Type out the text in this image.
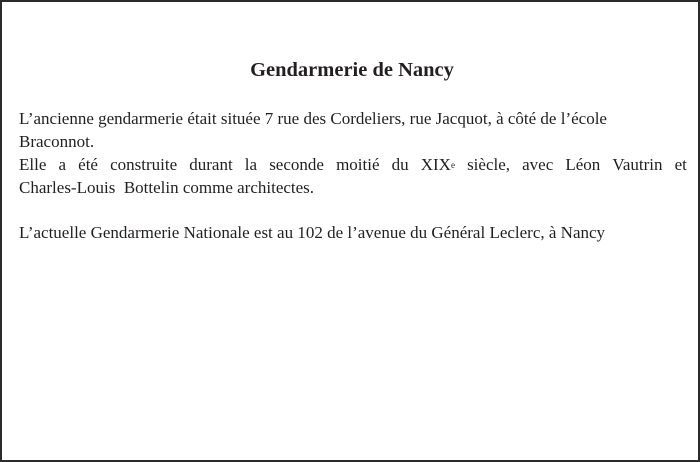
Gendarmerie de Nancy

L’ancienne gendarmerie était située 7 rue des Cordeliers, rue Jacquot, à côté de l’école
Braconnot.

Elle a été construite durant la seconde moitié du XIXe siècle, avec Léon Vautrin et
Charles-Louis  Bottelin comme architectes.

L’actuelle Gendarmerie Nationale est au 102 de l’avenue du Général Leclerc, à Nancy
